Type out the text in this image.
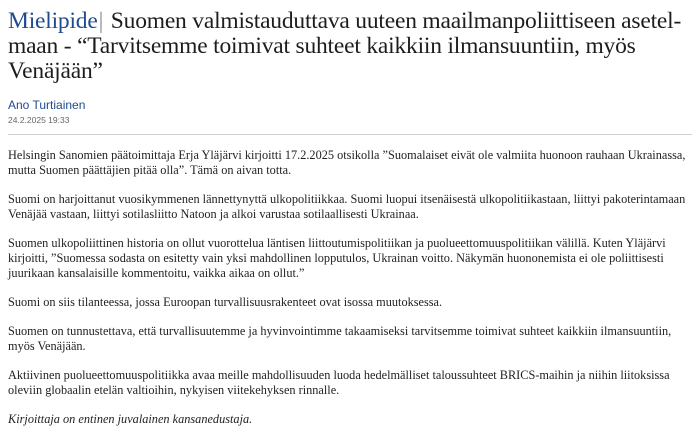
Mielipide| Suomen valmistauduttava uuteen maailmanpoliittiseen asetelmaan - “Tarvitsemme toimivat suhteet kaikkiin ilmansuuntiin, myös Venäjään”
Ano Turtiainen
24.2.2025 19:33

Helsingin Sanomien päätoimittaja Erja Yläjärvi kirjoitti 17.2.2025 otsikolla ”Suomalaiset eivät ole valmiita huonoon rauhaan Ukrainassa, mutta Suomen päättäjien pitää olla”. Tämä on aivan totta.

Suomi on harjoittanut vuosikymmenen lännettynyttä ulkopolitiikkaa. Suomi luopui itsenäisestä ulkopolitiikastaan, liittyi pakoterintamaan Venäjää vastaan, liittyi sotilasliitto Natoon ja alkoi varustaa sotilaallisesti Ukrainaa.

Suomen ulkopoliittinen historia on ollut vuorottelua läntisen liittoutumispolitiikan ja puolueettomuuspolitiikan välillä. Kuten Yläjärvi kirjoitti, ”Suomessa sodasta on esitetty vain yksi mahdollinen lopputulos, Ukrainan voitto. Näkymän huononemista ei ole poliittisesti juurikaan kansalaisille kommentoitu, vaikka aikaa on ollut.”

Suomi on siis tilanteessa, jossa Euroopan turvallisuusrakenteet ovat isossa muutoksessa.

Suomen on tunnustettava, että turvallisuutemme ja hyvinvointimme takaamiseksi tarvitsemme toimivat suhteet kaikkiin ilmansuuntiin, myös Venäjään.

Aktiivinen puolueettomuuspolitiikka avaa meille mahdollisuuden luoda hedelmälliset taloussuhteet BRICS-maihin ja niihin liitoksissa oleviin globaalin etelän valtioihin, nykyisen viitekehyksen rinnalle.

Kirjoittaja on entinen juvalainen kansanedustaja.
